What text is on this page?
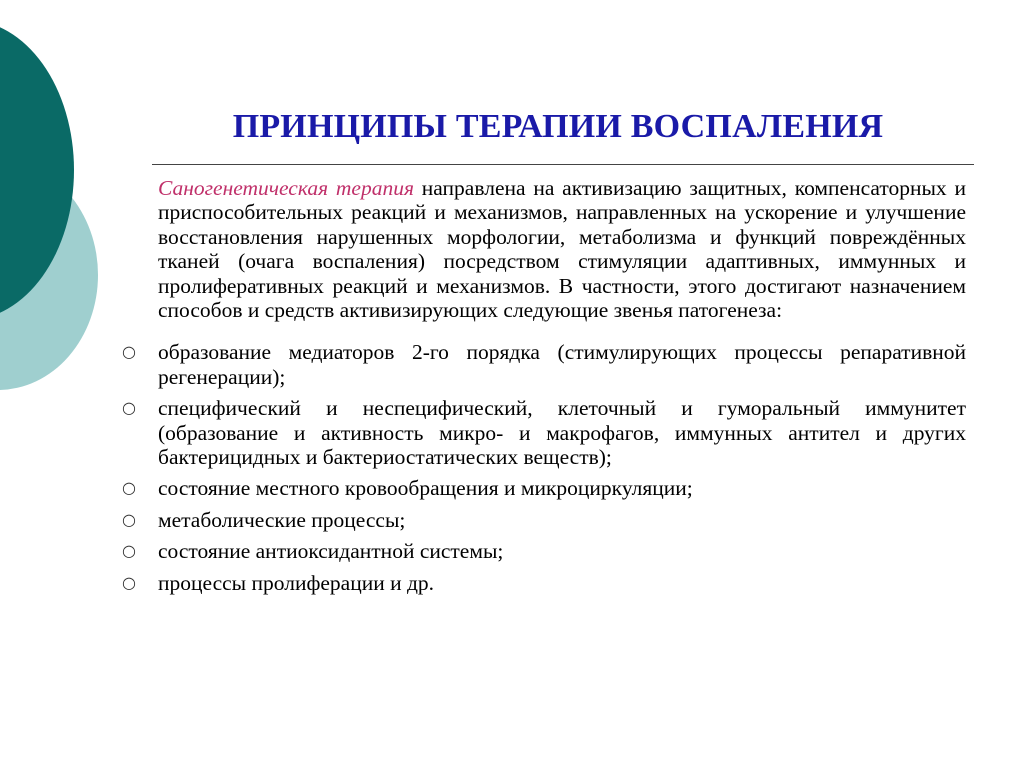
ПРИНЦИПЫ ТЕРАПИИ ВОСПАЛЕНИЯ

Саногенетическая терапия направлена на активизацию защитных, компенсаторных и приспособительных реакций и механизмов, направленных на ускорение и улучшение восстановления нарушенных морфологии, метаболизма и функций повреждённых тканей (очага воспаления) посредством стимуляции адаптивных, иммунных и пролиферативных реакций и механизмов. В частности, этого достигают назначением способов и средств активизирующих следующие звенья патогенеза:

○ образование медиаторов 2-го порядка (стимулирующих процессы репаративной регенерации);
○ специфический и неспецифический, клеточный и гуморальный иммунитет (образование и активность микро- и макрофагов, иммунных антител и других бактерицидных и бактериостатических веществ);
○ состояние местного кровообращения и микроциркуляции;
○ метаболические процессы;
○ состояние антиоксидантной системы;
○ процессы пролиферации и др.
